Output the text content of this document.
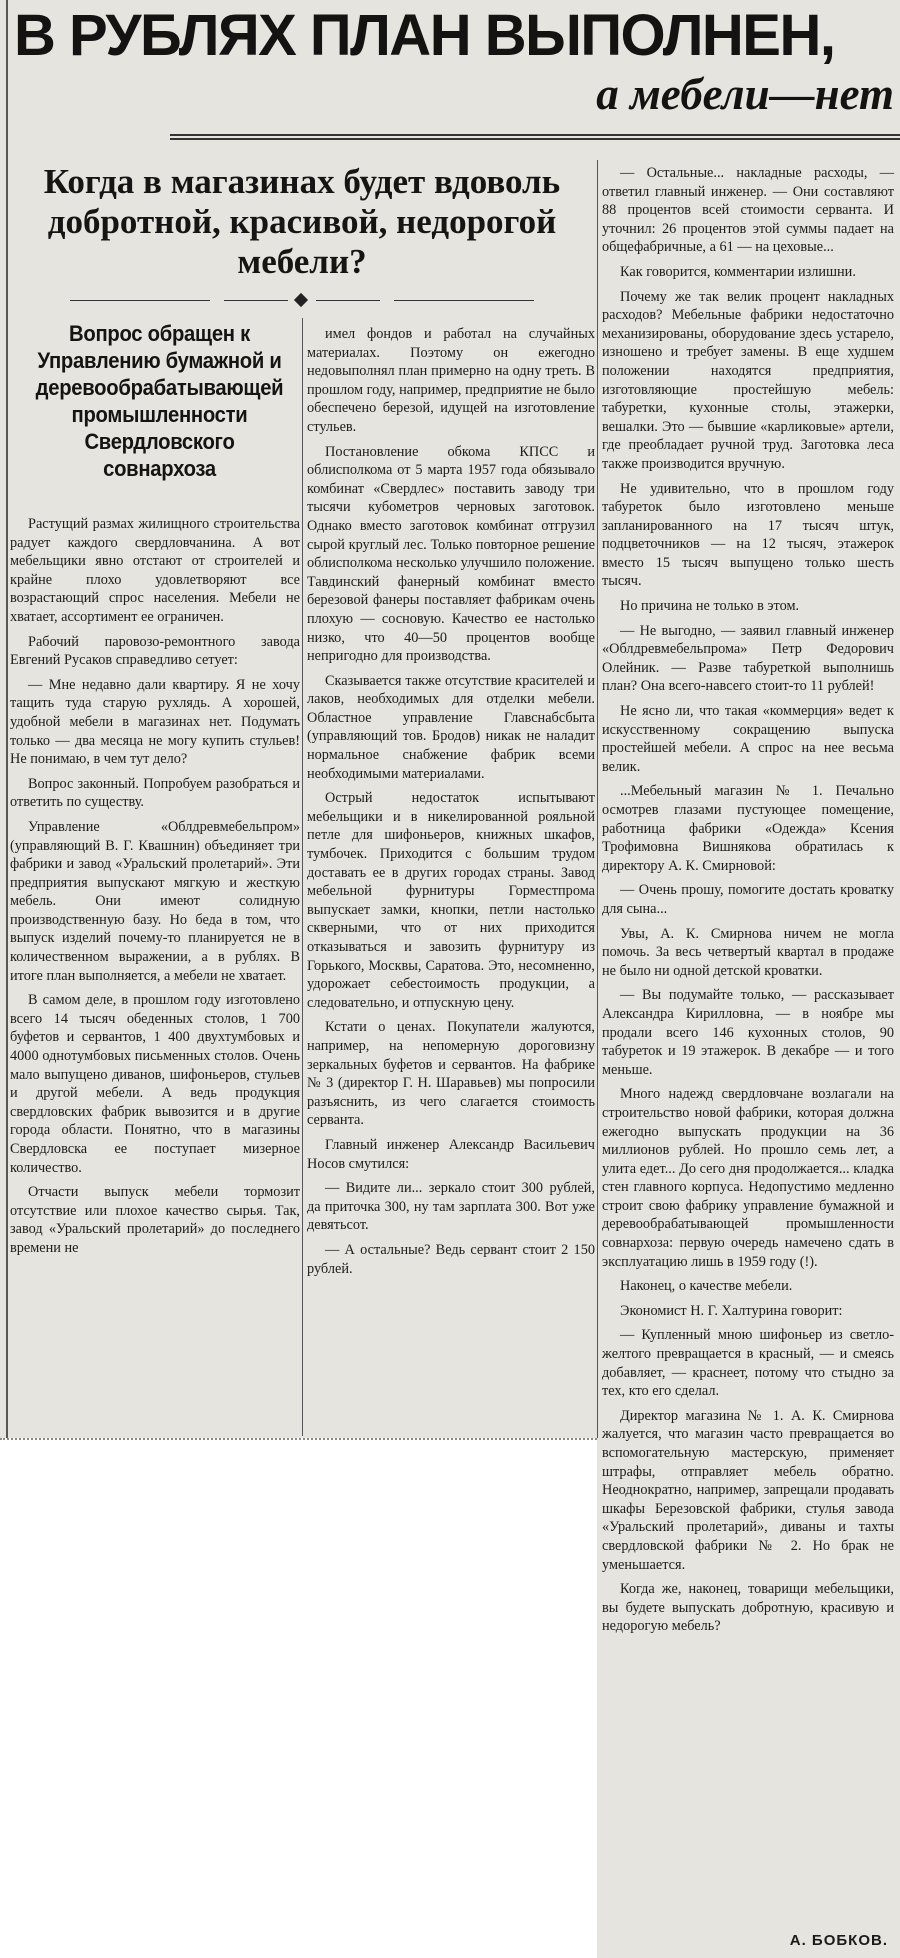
В РУБЛЯХ ПЛАН ВЫПОЛНЕН,
а мебели—нет
Когда в магазинах будет вдоволь добротной, красивой, недорогой мебели?
Вопрос обращен к Управлению бумажной и деревообрабатывающей промышленности Свердловского совнархоза

Растущий размах жилищного строительства радует каждого свердловчанина. А вот мебельщики явно отстают от строителей и крайне плохо удовлетворяют все возрастающий спрос населения. Мебели не хватает, ассортимент ее ограничен.

Рабочий паровозо-ремонтного завода Евгений Русаков справедливо сетует:

— Мне недавно дали квартиру. Я не хочу тащить туда старую рухлядь. А хорошей, удобной мебели в магазинах нет. Подумать только — два месяца не могу купить стульев! Не понимаю, в чем тут дело?

Вопрос законный. Попробуем разобраться и ответить по существу.

Управление «Облдревмебельпром» (управляющий В. Г. Квашнин) объединяет три фабрики и завод «Уральский пролетарий». Эти предприятия выпускают мягкую и жесткую мебель. Они имеют солидную производственную базу. Но беда в том, что выпуск изделий почему-то планируется не в количественном выражении, а в рублях. В итоге план выполняется, а мебели не хватает.

В самом деле, в прошлом году изготовлено всего 14 тысяч обеденных столов, 1 700 буфетов и сервантов, 1 400 двухтумбовых и 4000 однотумбовых письменных столов. Очень мало выпущено диванов, шифоньеров, стульев и другой мебели. А ведь продукция свердловских фабрик вывозится и в другие города области. Понятно, что в магазины Свердловска ее поступает мизерное количество.

Отчасти выпуск мебели тормозит отсутствие или плохое качество сырья. Так, завод «Уральский пролетарий» до последнего времени не

имел фондов и работал на случайных материалах. Поэтому он ежегодно недовыполнял план примерно на одну треть. В прошлом году, например, предприятие не было обеспечено березой, идущей на изготовление стульев.

Постановление обкома КПСС и облисполкома от 5 марта 1957 года обязывало комбинат «Свердлес» поставить заводу три тысячи кубометров черновых заготовок. Однако вместо заготовок комбинат отгрузил сырой круглый лес. Только повторное решение облисполкома несколько улучшило положение. Тавдинский фанерный комбинат вместо березовой фанеры поставляет фабрикам очень плохую — сосновую. Качество ее настолько низко, что 40—50 процентов вообще непригодно для производства.

Сказывается также отсутствие красителей и лаков, необходимых для отделки мебели. Областное управление Главснабсбыта (управляющий тов. Бродов) никак не наладит нормальное снабжение фабрик всеми необходимыми материалами.

Острый недостаток испытывают мебельщики и в никелированной рояльной петле для шифоньеров, книжных шкафов, тумбочек. Приходится с большим трудом доставать ее в других городах страны. Завод мебельной фурнитуры Горместпрома выпускает замки, кнопки, петли настолько скверными, что от них приходится отказываться и завозить фурнитуру из Горького, Москвы, Саратова. Это, несомненно, удорожает себестоимость продукции, а следовательно, и отпускную цену.

Кстати о ценах. Покупатели жалуются, например, на непомерную дороговизну зеркальных буфетов и сервантов. На фабрике № 3 (директор Г. Н. Шаравьев) мы попросили разъяснить, из чего слагается стоимость серванта.

Главный инженер Александр Васильевич Носов смутился:

— Видите ли... зеркало стоит 300 рублей, да приточка 300, ну там зарплата 300. Вот уже девятьсот.

— А остальные? Ведь сервант стоит 2 150 рублей.

— Остальные... накладные расходы, — ответил главный инженер. — Они составляют 88 процентов всей стоимости серванта. И уточнил: 26 процентов этой суммы падает на общефабричные, а 61 — на цеховые...

Как говорится, комментарии излишни.

Почему же так велик процент накладных расходов? Мебельные фабрики недостаточно механизированы, оборудование здесь устарело, изношено и требует замены. В еще худшем положении находятся предприятия, изготовляющие простейшую мебель: табуретки, кухонные столы, этажерки, вешалки. Это — бывшие «карликовые» артели, где преобладает ручной труд. Заготовка леса также производится вручную.

Не удивительно, что в прошлом году табуреток было изготовлено меньше запланированного на 17 тысяч штук, подцветочников — на 12 тысяч, этажерок вместо 15 тысяч выпущено только шесть тысяч.

Но причина не только в этом.

— Не выгодно, — заявил главный инженер «Облдревмебельпрома» Петр Федорович Олейник. — Разве табуреткой выполнишь план? Она всего-навсего стоит-то 11 рублей!

Не ясно ли, что такая «коммерция» ведет к искусственному сокращению выпуска простейшей мебели. А спрос на нее весьма велик.

...Мебельный магазин № 1. Печально осмотрев глазами пустующее помещение, работница фабрики «Одежда» Ксения Трофимовна Вишнякова обратилась к директору А. К. Смирновой:

— Очень прошу, помогите достать кроватку для сына...

Увы, А. К. Смирнова ничем не могла помочь. За весь четвертый квартал в продаже не было ни одной детской кроватки.

— Вы подумайте только, — рассказывает Александра Кирилловна, — в ноябре мы продали всего 146 кухонных столов, 90 табуреток и 19 этажерок. В декабре — и того меньше.

Много надежд свердловчане возлагали на строительство новой фабрики, которая должна ежегодно выпускать продукции на 36 миллионов рублей. Но прошло семь лет, а улита едет... До сего дня продолжается... кладка стен главного корпуса. Недопустимо медленно строит свою фабрику управление бумажной и деревообрабатывающей промышленности совнархоза: первую очередь намечено сдать в эксплуатацию лишь в 1959 году (!).

Наконец, о качестве мебели.

Экономист Н. Г. Халтурина говорит:

— Купленный мною шифоньер из светло-желтого превращается в красный, — и смеясь добавляет, — краснеет, потому что стыдно за тех, кто его сделал.

Директор магазина № 1. А. К. Смирнова жалуется, что магазин часто превращается во вспомогательную мастерскую, применяет штрафы, отправляет мебель обратно. Неоднократно, например, запрещали продавать шкафы Березовской фабрики, стулья завода «Уральский пролетарий», диваны и тахты свердловской фабрики № 2. Но брак не уменьшается.

Когда же, наконец, товарищи мебельщики, вы будете выпускать добротную, красивую и недорогую мебель?

А. БОБКОВ.
